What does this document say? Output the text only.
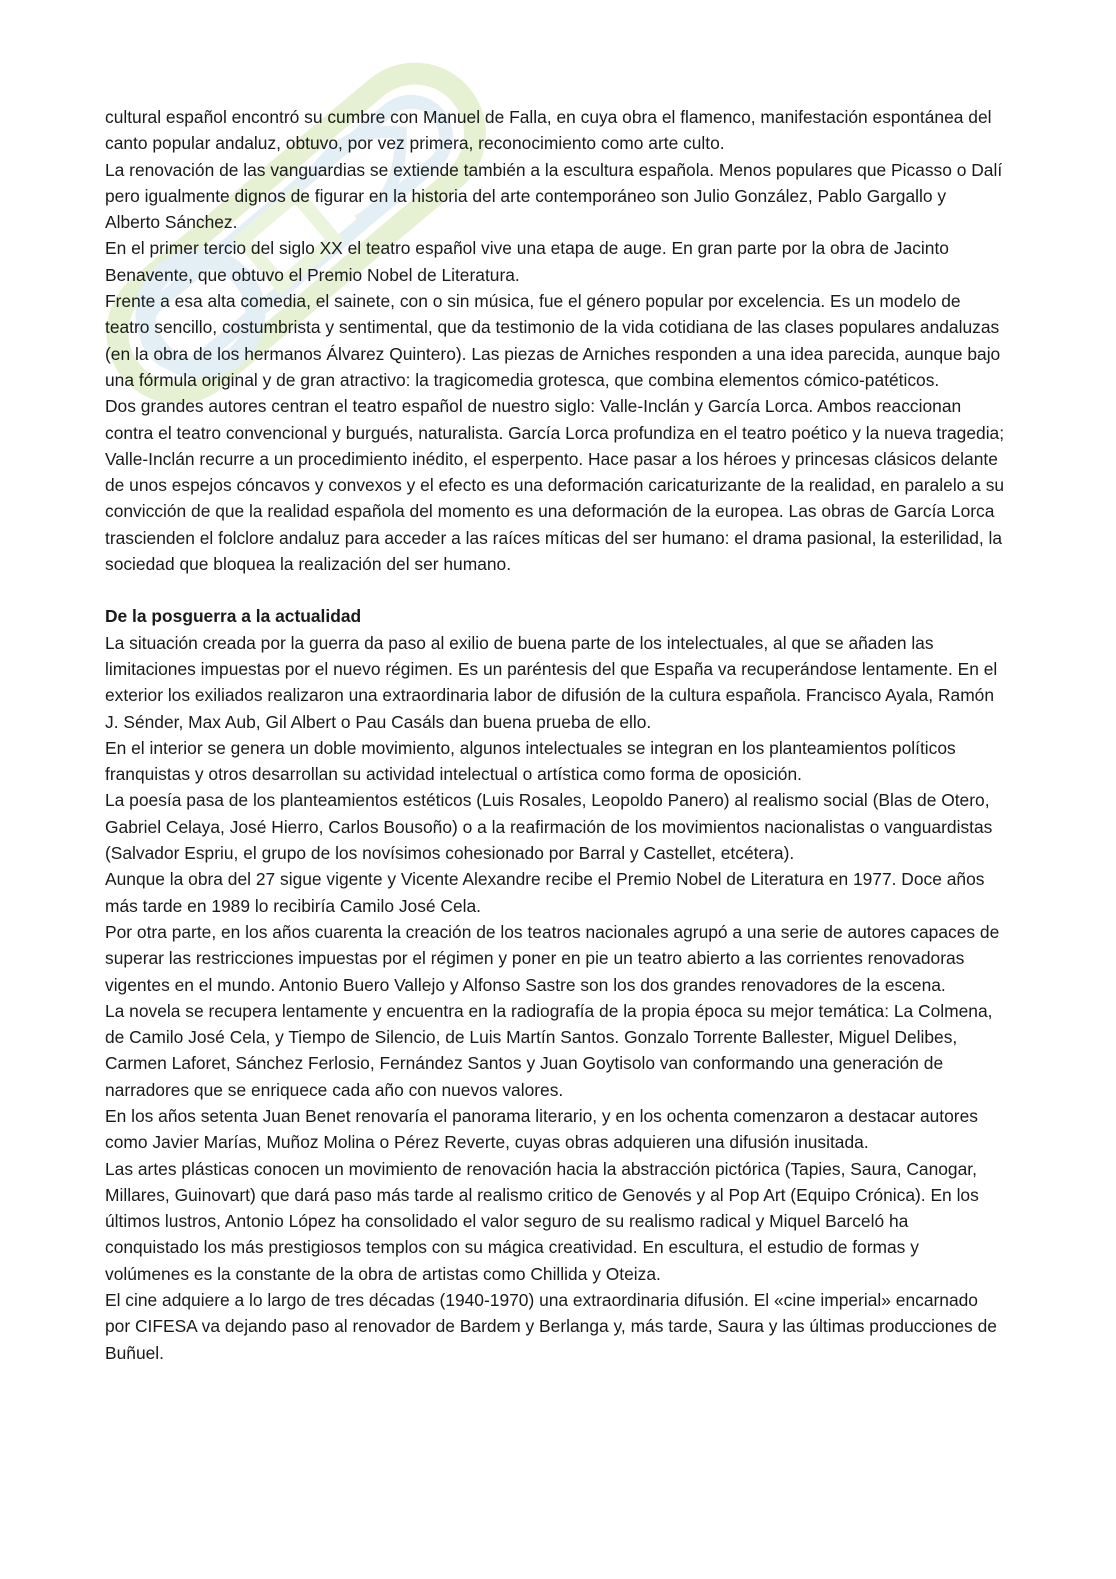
cultural español encontró su cumbre con Manuel de Falla, en cuya obra el flamenco, manifestación espontánea del canto popular andaluz, obtuvo, por vez primera, reconocimiento como arte culto.

La renovación de las vanguardias se extiende también a la escultura española. Menos populares que Picasso o Dalí pero igualmente dignos de figurar en la historia del arte contemporáneo son Julio González, Pablo Gargallo y Alberto Sánchez.

En el primer tercio del siglo XX el teatro español vive una etapa de auge. En gran parte por la obra de Jacinto Benavente, que obtuvo el Premio Nobel de Literatura.

Frente a esa alta comedia, el sainete, con o sin música, fue el género popular por excelencia. Es un modelo de teatro sencillo, costumbrista y sentimental, que da testimonio de la vida cotidiana de las clases populares andaluzas (en la obra de los hermanos Álvarez Quintero). Las piezas de Arniches responden a una idea parecida, aunque bajo una fórmula original y de gran atractivo: la tragicomedia grotesca, que combina elementos cómico-patéticos.

Dos grandes autores centran el teatro español de nuestro siglo: Valle-Inclán y García Lorca. Ambos reaccionan contra el teatro convencional y burgués, naturalista. García Lorca profundiza en el teatro poético y la nueva tragedia; Valle-Inclán recurre a un procedimiento inédito, el esperpento. Hace pasar a los héroes y princesas clásicos delante de unos espejos cóncavos y convexos y el efecto es una deformación caricaturizante de la realidad, en paralelo a su convicción de que la realidad española del momento es una deformación de la europea. Las obras de García Lorca trascienden el folclore andaluz para acceder a las raíces míticas del ser humano: el drama pasional, la esterilidad, la sociedad que bloquea la realización del ser humano.

De la posguerra a la actualidad

La situación creada por la guerra da paso al exilio de buena parte de los intelectuales, al que se añaden las limitaciones impuestas por el nuevo régimen. Es un paréntesis del que España va recuperándose lentamente. En el exterior los exiliados realizaron una extraordinaria labor de difusión de la cultura española. Francisco Ayala, Ramón J. Sénder, Max Aub, Gil Albert o Pau Casáls dan buena prueba de ello.

En el interior se genera un doble movimiento, algunos intelectuales se integran en los planteamientos políticos franquistas y otros desarrollan su actividad intelectual o artística como forma de oposición.

La poesía pasa de los planteamientos estéticos (Luis Rosales, Leopoldo Panero) al realismo social (Blas de Otero, Gabriel Celaya, José Hierro, Carlos Bousoño) o a la reafirmación de los movimientos nacionalistas o vanguardistas (Salvador Espriu, el grupo de los novísimos cohesionado por Barral y Castellet, etcétera).

Aunque la obra del 27 sigue vigente y Vicente Alexandre recibe el Premio Nobel de Literatura en 1977. Doce años más tarde en 1989 lo recibiría Camilo José Cela.

Por otra parte, en los años cuarenta la creación de los teatros nacionales agrupó a una serie de autores capaces de superar las restricciones impuestas por el régimen y poner en pie un teatro abierto a las corrientes renovadoras vigentes en el mundo. Antonio Buero Vallejo y Alfonso Sastre son los dos grandes renovadores de la escena.

La novela se recupera lentamente y encuentra en la radiografía de la propia época su mejor temática: La Colmena, de Camilo José Cela, y Tiempo de Silencio, de Luis Martín Santos. Gonzalo Torrente Ballester, Miguel Delibes, Carmen Laforet, Sánchez Ferlosio, Fernández Santos y Juan Goytisolo van conformando una generación de narradores que se enriquece cada año con nuevos valores.

En los años setenta Juan Benet renovaría el panorama literario, y en los ochenta comenzaron a destacar autores como Javier Marías, Muñoz Molina o Pérez Reverte, cuyas obras adquieren una difusión inusitada.

Las artes plásticas conocen un movimiento de renovación hacia la abstracción pictórica (Tapies, Saura, Canogar, Millares, Guinovart) que dará paso más tarde al realismo critico de Genovés y al Pop Art (Equipo Crónica). En los últimos lustros, Antonio López ha consolidado el valor seguro de su realismo radical y Miquel Barceló ha conquistado los más prestigiosos templos con su mágica creatividad. En escultura, el estudio de formas y volúmenes es la constante de la obra de artistas como Chillida y Oteiza.

El cine adquiere a lo largo de tres décadas (1940-1970) una extraordinaria difusión. El «cine imperial» encarnado por CIFESA va dejando paso al renovador de Bardem y Berlanga y, más tarde, Saura y las últimas producciones de Buñuel.
